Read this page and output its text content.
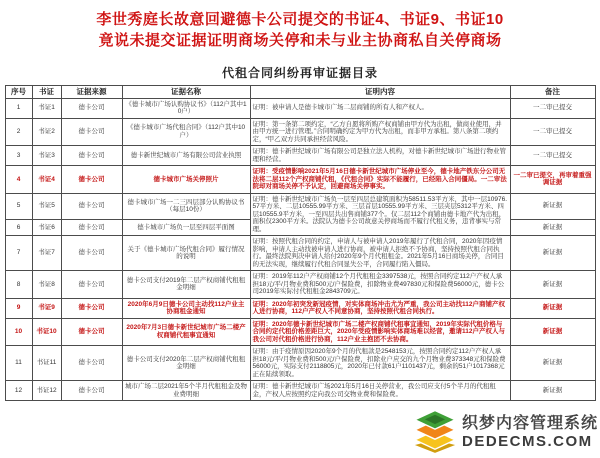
李世秀庭长故意回避德卡公司提交的书证4、书证9、书证10
竟说未提交证据证明商场关停和未与业主协商私自关停商场
代租合同纠纷再审证据目录
序号	书证	证据来源	证据名称	证明内容	备注
1	书证1	德卡公司	《德卡城市广场认购协议书》（112户其中10户）	证明：被申请人是德卡城市广场二层商铺的所有人和产权人。	一二审已提交
2	书证2	德卡公司	《德卡城市广场代租合同》（112户其中10户）	证明：第一条第二项约定，“乙方自愿将所购产权商铺由甲方代为出租，做商业使用，并由甲方统一进行管理。”合同明确约定为甲方代为出租，而非甲方承租。第八条第二项约定，“甲乙双方共同承担经营风险。	一二审已提交
3	书证3	德卡公司	德卡新世纪城市广场有限公司营业执照	证明：德卡新世纪城市广场有限公司是独立法人机构，对德卡新世纪城市广场进行物业管理和经营。	一二审已提交
4	书证4	德卡公司	德卡城市广场关停照片	证明：受疫情影响2021年5月16日德卡新世纪城市广场停业至今，德卡地产铁东分公司无法将二层112个产权商铺代租，《代租合同》实际不能履行，已经陷入合同僵局。一二审法院却对商场关停不予认定，回避商场关停事实。	一二审已提交，再审着重强调证据
5	书证5	德卡公司	德卡城市广场一二三四层部分认购协议书（每层10份）	证明：德卡新世纪城市广场负一层至四层总建筑面积为58511.53平方米，其中一层10976.57平方米、二层10555.99平方米、三层首层10555.99平方米、三层夹层5312平方米、四层10555.9平方米，一至四层共出售商铺377个。仅二层112个商铺由德卡地产代为出租，面积仅2300平方米。法院认为德卡公司故意关停商场而不履行代租义务，违背事实与常理。	新证据
6	书证6	德卡公司	德卡城市广场负一层至四层平面图		新证据
7	书证7	德卡公司	关于《德卡城市广场代租合同》履行情况的说明	证明：按照代租合同的约定，申请人与被申请人2019年履行了代租合同，2020年因疫情影响，申请人主动找被申请人进行协商，被申请人拒绝不予协商，坚持按照代租合同执行。最终法院判决申请人给付2020年9个月代租租金。2021年5月16日商场关停，合同目的无法实现，继续履行代租合同显失公平，合同履行陷入僵局。	新证据
8	书证8	德卡公司	德卡公司支付2019年二层产权商铺代租租金明细	证明：2019年112户产权商铺12个月代租租金3397538元，按照合同约定112户产权人承担18元/平/月物业费和500元/户保险费，扣除物业费497830元和保险费56000元，德卡公司2019年实际付代租租金2843709元。	新证据
9	书证9	德卡公司	2020年6月9日德卡公司主动找112户业主协商租金通知	证明：2020年初突发新冠疫情，对实体商场冲击尤为严重，我公司主动找112户商铺产权人进行协商，112户产权人不同意协商，坚持按照代租合同执行。	新证据
10	书证10	德卡公司	2020年7月3日德卡新世纪城市广场二楼产权商铺代租事宜通知	证明：2020年德卡新世纪城市广场二楼产权商铺代租事宜通知，2019年实际代租价格与合同约定代租价格差距巨大，2020年受疫情影响实体商场难以经营，邀请112户产权人与我公司对代租价格进行协商，112户业主抱团不去协商。	新证据
11	书证11	德卡公司	德卡公司支付2020年二层产权商铺代租租金明细	证明：由于疫情原因2020年9个月的代租款是2548153元，按照合同约定112户产权人承担18元/平/月物业费和500元/户保险费，扣除业户应交的九个月物业费373348元和保险费56000元，实际支付2118805元，2020年已付款61户1101437元，剩余的51户1017368元正在陆续领取。	新证据
12	书证12	德卡公司	城市广场二层2021年5个半月代租租金及物业费明细	证明：德卡新世纪城市广场2021年5月16日关停营业，我公司应支付5个半月的代租租金，产权人应按照约定向我公司交物业费和保险费。	新证据
织梦内容管理系统
DEDECMS.COM
